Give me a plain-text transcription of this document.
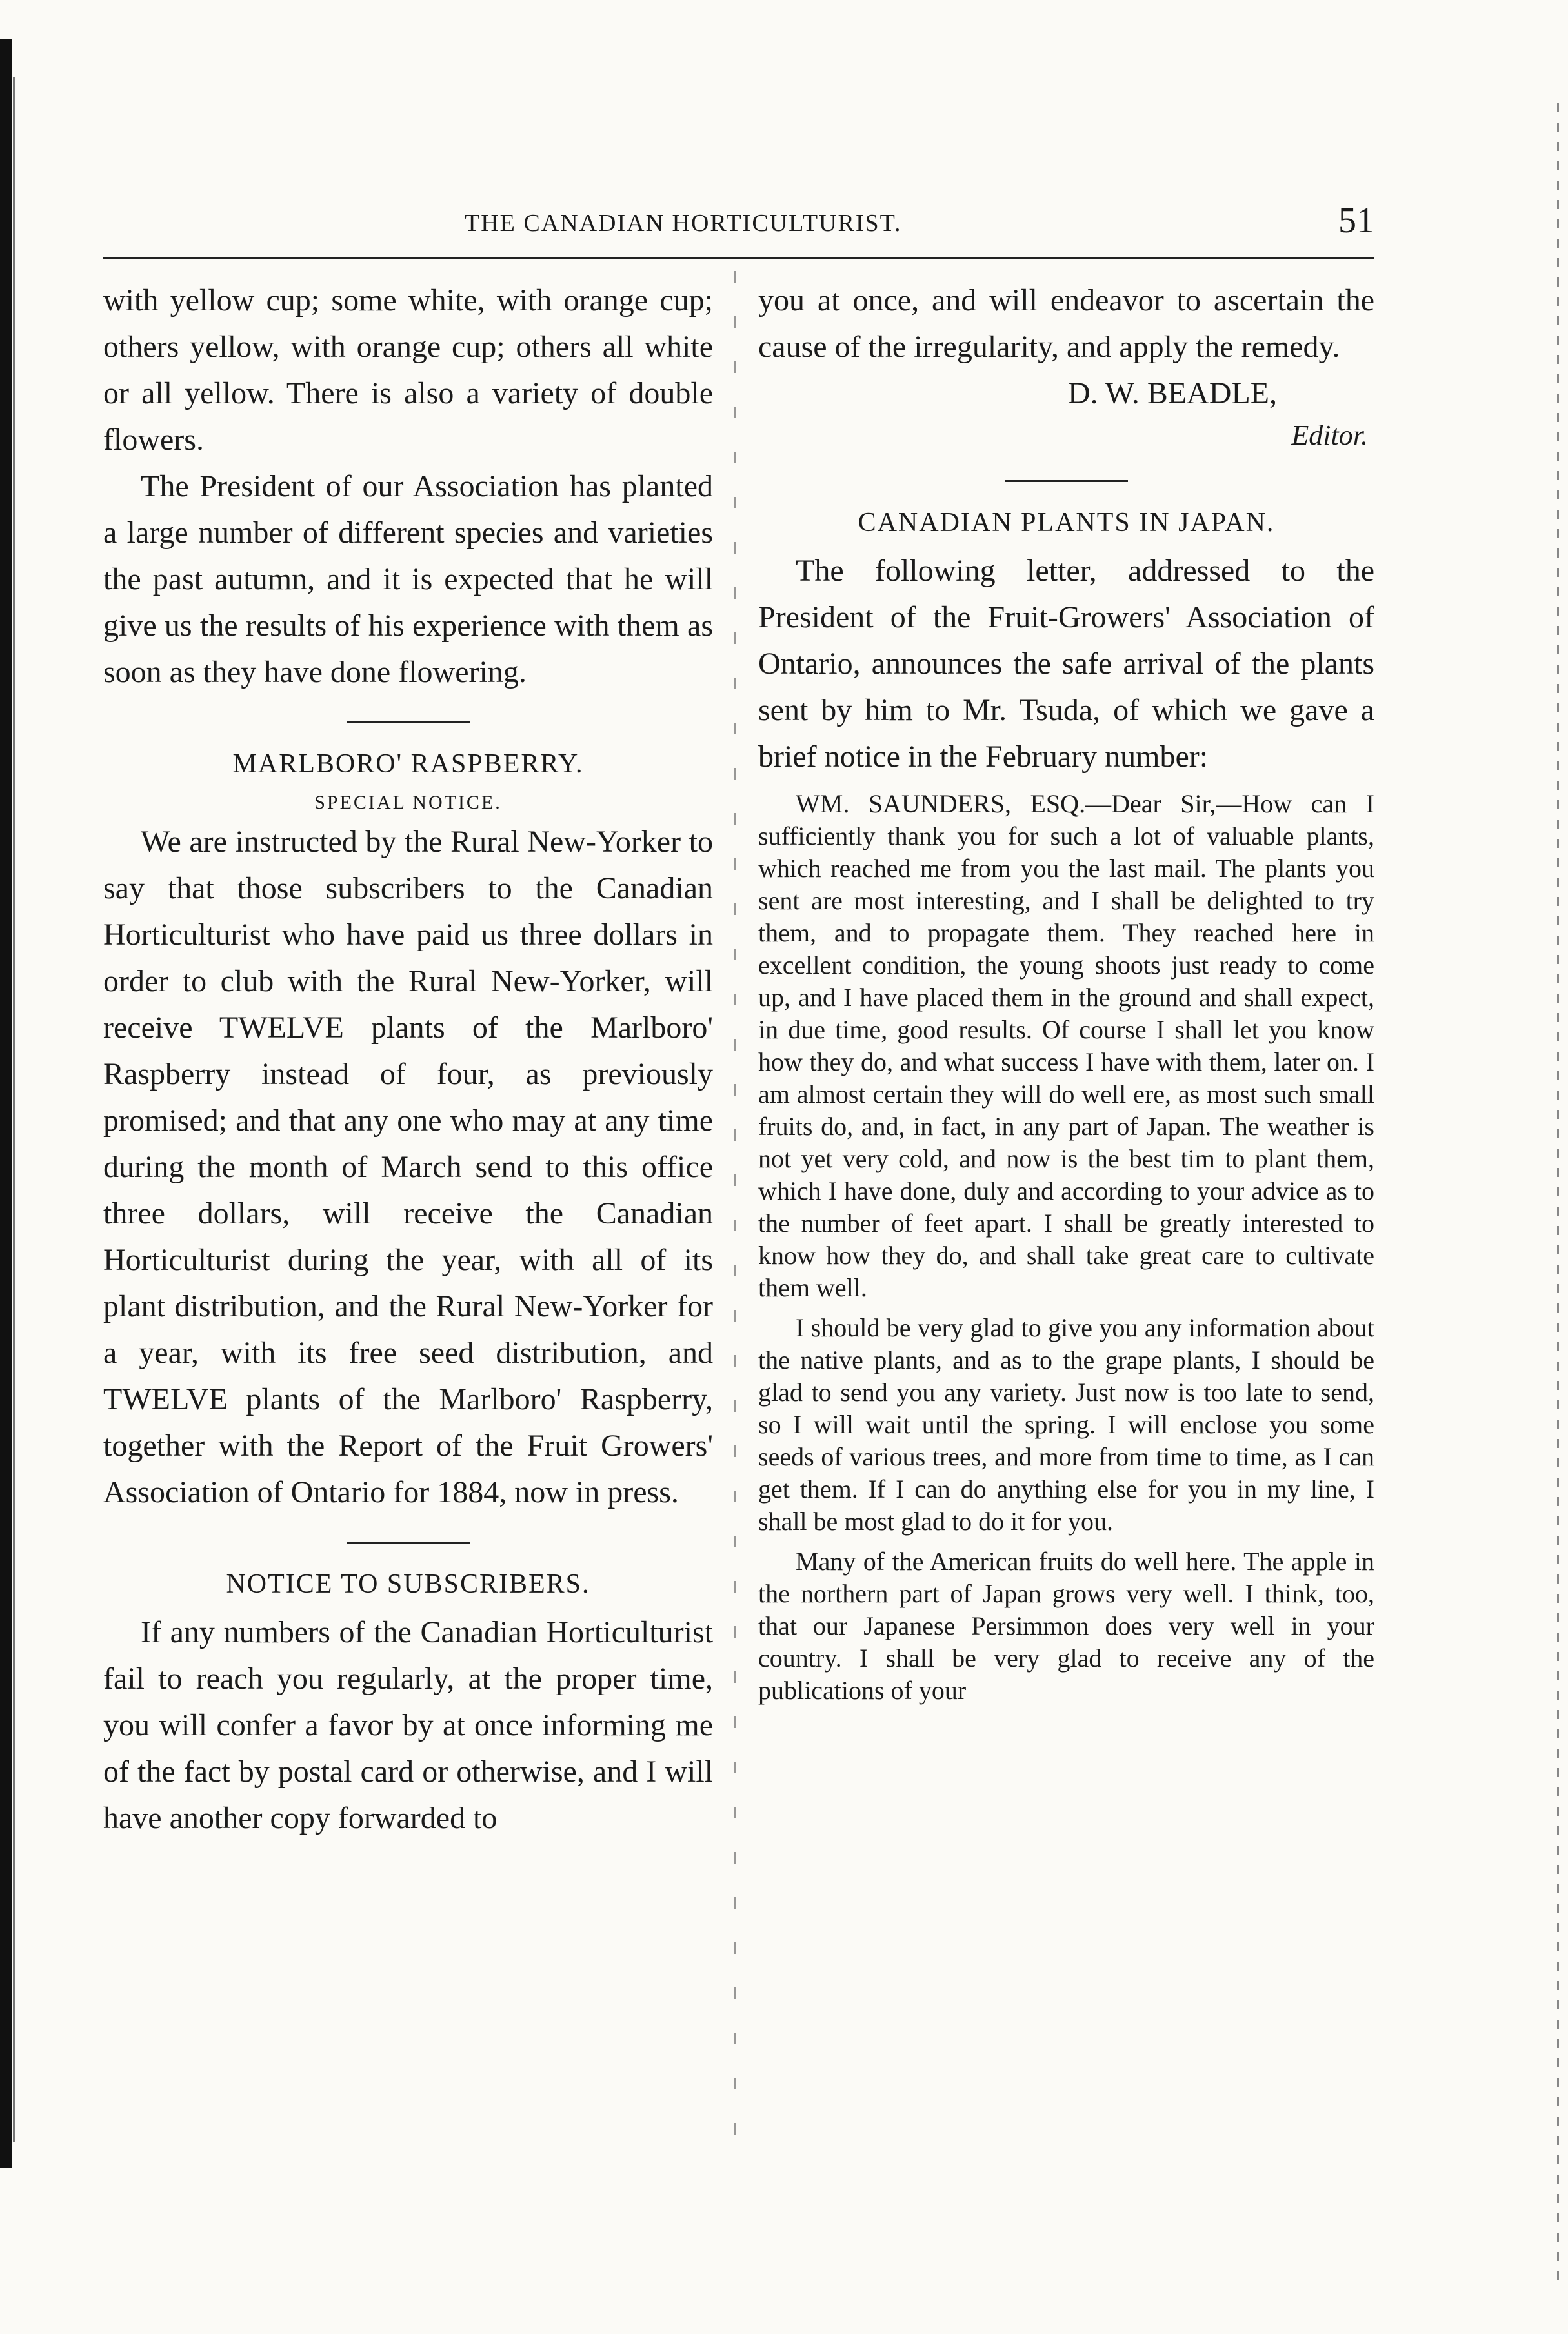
THE CANADIAN HORTICULTURIST.	51

with yellow cup; some white, with orange cup; others yellow, with orange cup; others all white or all yellow. There is also a variety of double flowers.

The President of our Association has planted a large number of different species and varieties the past autumn, and it is expected that he will give us the results of his experience with them as soon as they have done flowering.

MARLBORO' RASPBERRY.
SPECIAL NOTICE.

We are instructed by the Rural New-Yorker to say that those subscribers to the Canadian Horticulturist who have paid us three dollars in order to club with the Rural New-Yorker, will receive TWELVE plants of the Marlboro' Raspberry instead of four, as previously promised; and that any one who may at any time during the month of March send to this office three dollars, will receive the Canadian Horticulturist during the year, with all of its plant distribution, and the Rural New-Yorker for a year, with its free seed distribution, and TWELVE plants of the Marlboro' Raspberry, together with the Report of the Fruit Growers' Association of Ontario for 1884, now in press.

NOTICE TO SUBSCRIBERS.

If any numbers of the Canadian Horticulturist fail to reach you regularly, at the proper time, you will confer a favor by at once informing me of the fact by postal card or otherwise, and I will have another copy forwarded to

you at once, and will endeavor to ascertain the cause of the irregularity, and apply the remedy.

D. W. BEADLE,

Editor.

CANADIAN PLANTS IN JAPAN.

The following letter, addressed to the President of the Fruit-Growers' Association of Ontario, announces the safe arrival of the plants sent by him to Mr. Tsuda, of which we gave a brief notice in the February number:

WM. SAUNDERS, ESQ.—Dear Sir,—How can I sufficiently thank you for such a lot of valuable plants, which reached me from you the last mail. The plants you sent are most interesting, and I shall be delighted to try them, and to propagate them. They reached here in excellent condition, the young shoots just ready to come up, and I have placed them in the ground and shall expect, in due time, good results. Of course I shall let you know how they do, and what success I have with them, later on. I am almost certain they will do well ere, as most such small fruits do, and, in fact, in any part of Japan. The weather is not yet very cold, and now is the best tim to plant them, which I have done, duly and according to your advice as to the number of feet apart. I shall be greatly interested to know how they do, and shall take great care to cultivate them well.

I should be very glad to give you any information about the native plants, and as to the grape plants, I should be glad to send you any variety. Just now is too late to send, so I will wait until the spring. I will enclose you some seeds of various trees, and more from time to time, as I can get them. If I can do anything else for you in my line, I shall be most glad to do it for you.

Many of the American fruits do well here. The apple in the northern part of Japan grows very well. I think, too, that our Japanese Persimmon does very well in your country. I shall be very glad to receive any of the publications of your
